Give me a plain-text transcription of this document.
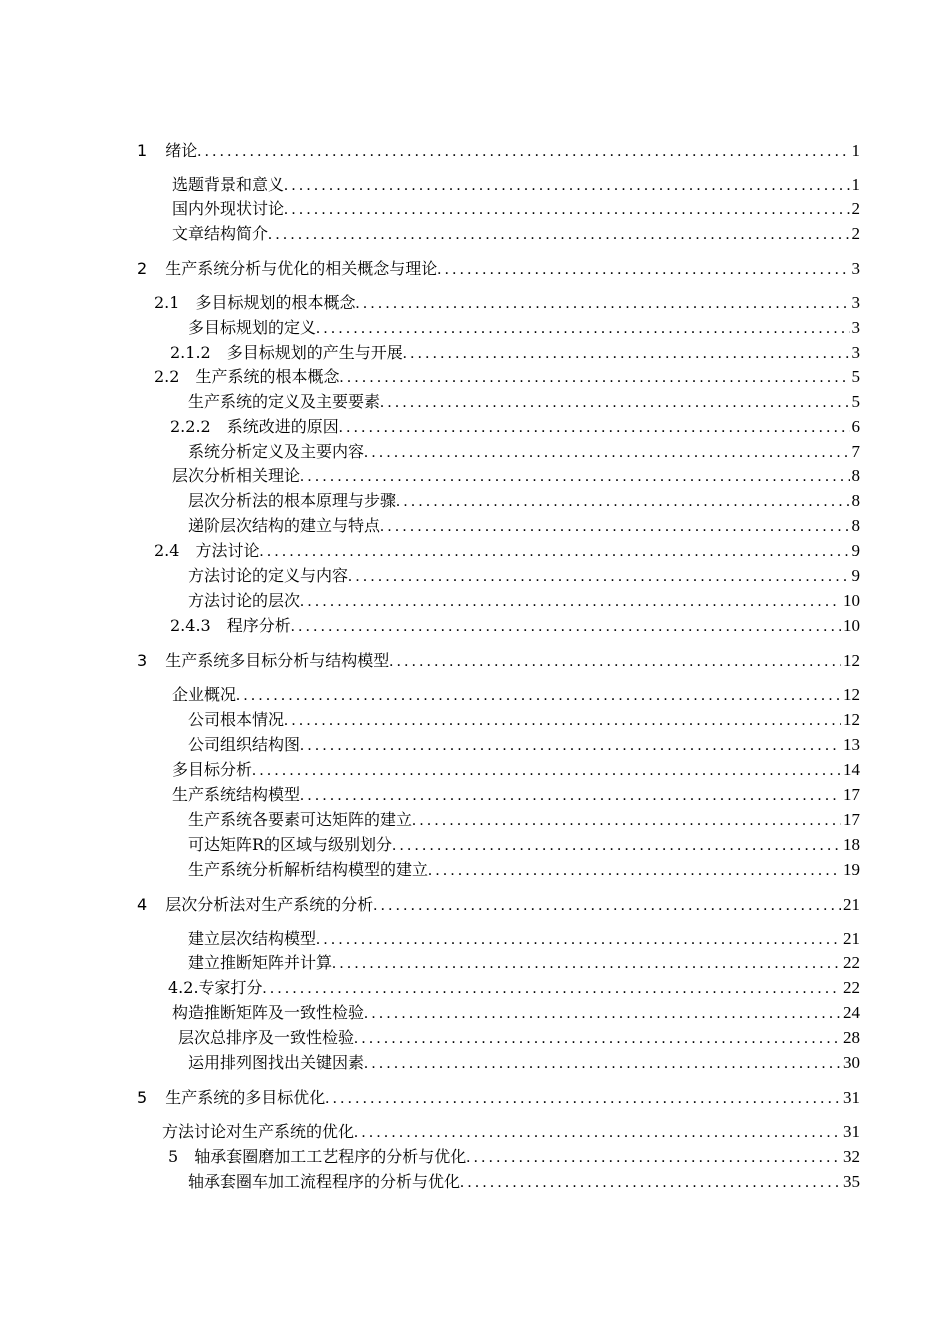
1 绪论 .....	1
选题背景和意义 .....	1
国内外现状讨论 .....	2
文章结构简介 .....	2
2 生产系统分析与优化的相关概念与理论 .....	3
2.1 多目标规划的根本概念 .....	3
多目标规划的定义 .....	3
2.1.2 多目标规划的产生与开展 .....	3
2.2 生产系统的根本概念 .....	5
生产系统的定义及主要要素 .....	5
2.2.2 系统改进的原因 .....	6
系统分析定义及主要内容 .....	7
层次分析相关理论 .....	8
层次分析法的根本原理与步骤 .....	8
递阶层次结构的建立与特点 .....	8
2.4 方法讨论 .....	9
方法讨论的定义与内容 .....	9
方法讨论的层次 .....	10
2.4.3 程序分析 .....	10
3 生产系统多目标分析与结构模型 .....	12
企业概况 .....	12
公司根本情况 .....	12
公司组织结构图 .....	13
多目标分析 .....	14
生产系统结构模型 .....	17
生产系统各要素可达矩阵的建立 .....	17
可达矩阵R的区域与级别划分 .....	18
生产系统分析解析结构模型的建立 .....	19
4 层次分析法对生产系统的分析 .....	21
建立层次结构模型 .....	21
建立推断矩阵并计算 .....	22
4.2.专家打分 .....	22
构造推断矩阵及一致性检验 .....	24
层次总排序及一致性检验 .....	28
运用排列图找出关键因素 .....	30
5 生产系统的多目标优化 .....	31
方法讨论对生产系统的优化 .....	31
5 轴承套圈磨加工工艺程序的分析与优化 .....	32
轴承套圈车加工流程程序的分析与优化 .....	35
